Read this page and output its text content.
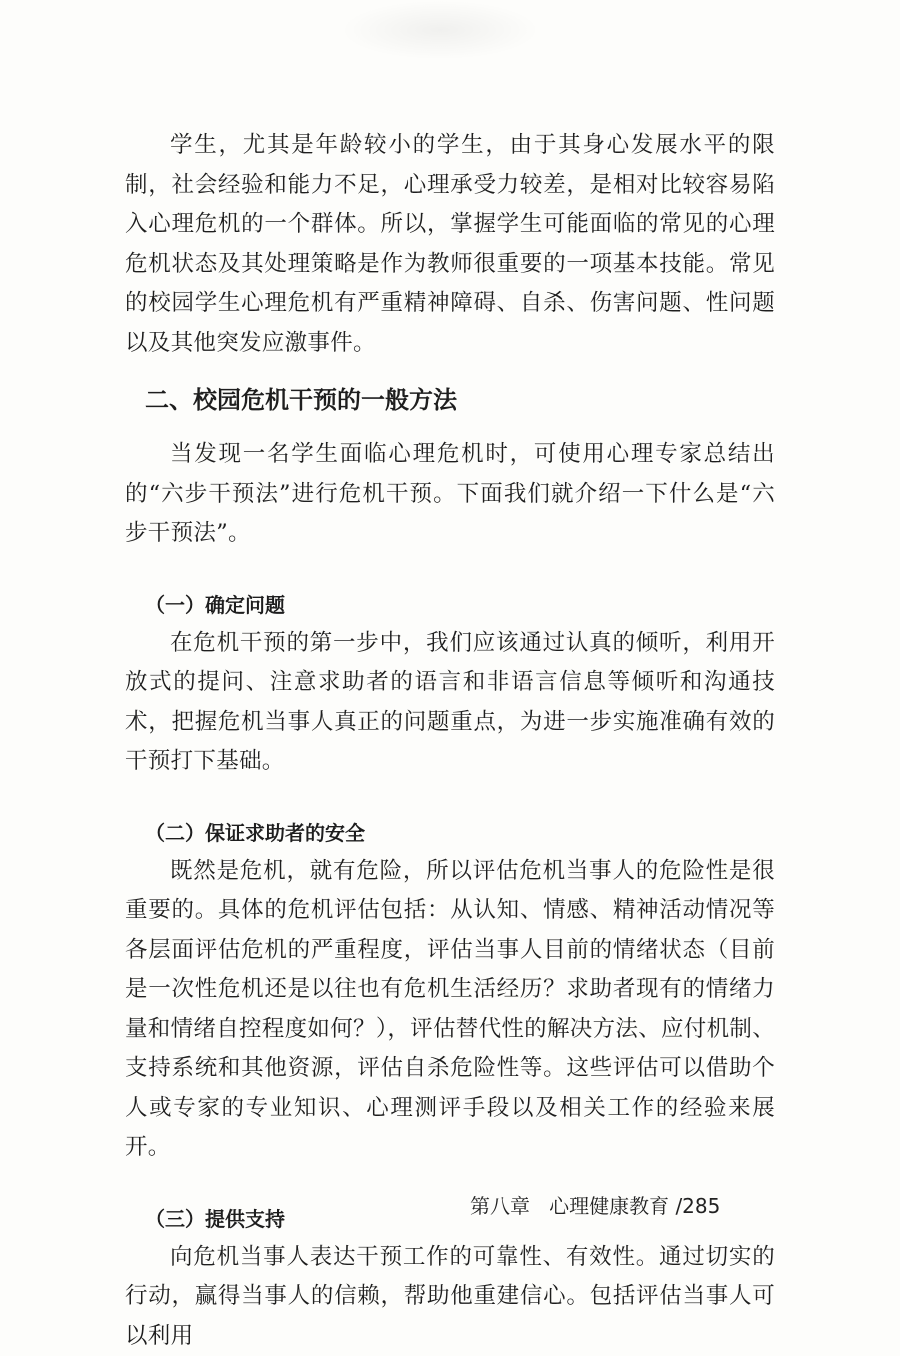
学生，尤其是年龄较小的学生，由于其身心发展水平的限制，社会经验和能力不足，心理承受力较差，是相对比较容易陷入心理危机的一个群体。所以，掌握学生可能面临的常见的心理危机状态及其处理策略是作为教师很重要的一项基本技能。常见的校园学生心理危机有严重精神障碍、自杀、伤害问题、性问题以及其他突发应激事件。

二、校园危机干预的一般方法

当发现一名学生面临心理危机时，可使用心理专家总结出的“六步干预法”进行危机干预。下面我们就介绍一下什么是“六步干预法”。

（一）确定问题

在危机干预的第一步中，我们应该通过认真的倾听，利用开放式的提问、注意求助者的语言和非语言信息等倾听和沟通技术，把握危机当事人真正的问题重点，为进一步实施准确有效的干预打下基础。

（二）保证求助者的安全

既然是危机，就有危险，所以评估危机当事人的危险性是很重要的。具体的危机评估包括：从认知、情感、精神活动情况等各层面评估危机的严重程度，评估当事人目前的情绪状态（目前是一次性危机还是以往也有危机生活经历？求助者现有的情绪力量和情绪自控程度如何？），评估替代性的解决方法、应付机制、支持系统和其他资源，评估自杀危险性等。这些评估可以借助个人或专家的专业知识、心理测评手段以及相关工作的经验来展开。

（三）提供支持

向危机当事人表达干预工作的可靠性、有效性。通过切实的行动，赢得当事人的信赖，帮助他重建信心。包括评估当事人可以利用

第八章 心理健康教育 /285
